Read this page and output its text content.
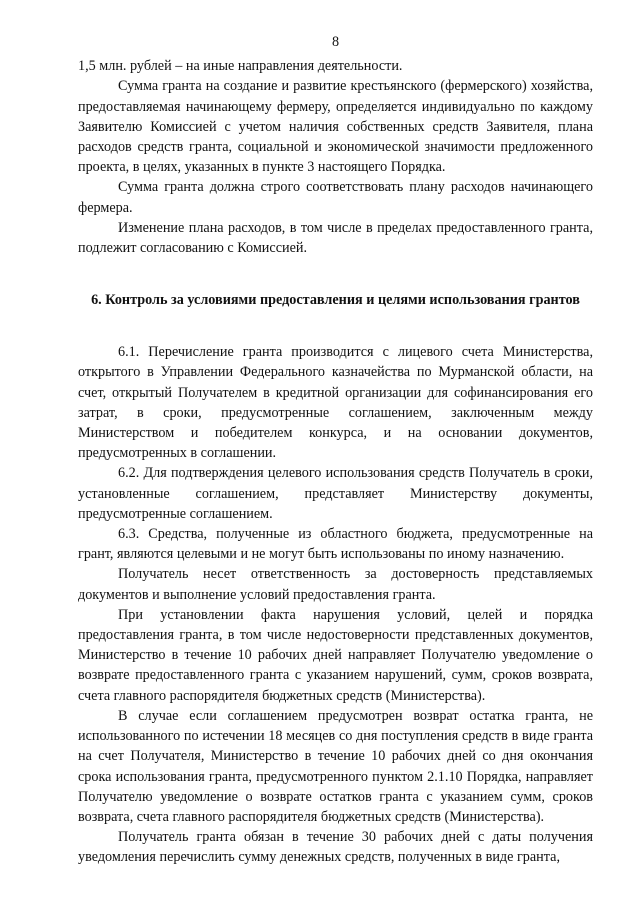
8

1,5 млн. рублей – на иные направления деятельности.

Сумма гранта на создание и развитие крестьянского (фермерского) хозяйства, предоставляемая начинающему фермеру, определяется индивидуально по каждому Заявителю Комиссией с учетом наличия собственных средств Заявителя, плана расходов средств гранта, социальной и экономической значимости предложенного проекта, в целях, указанных в пункте 3 настоящего Порядка.

Сумма гранта должна строго соответствовать плану расходов начинающего фермера.

Изменение плана расходов, в том числе в пределах предоставленного гранта, подлежит согласованию с Комиссией.

6. Контроль за условиями предоставления и целями использования грантов

6.1. Перечисление гранта производится с лицевого счета Министерства, открытого в Управлении Федерального казначейства по Мурманской области, на счет, открытый Получателем в кредитной организации для софинансирования его затрат, в сроки, предусмотренные соглашением, заключенным между Министерством и победителем конкурса, и на основании документов, предусмотренных в соглашении.

6.2. Для подтверждения целевого использования средств Получатель в сроки, установленные соглашением, представляет Министерству документы, предусмотренные соглашением.

6.3. Средства, полученные из областного бюджета, предусмотренные на грант, являются целевыми и не могут быть использованы по иному назначению.

Получатель несет ответственность за достоверность представляемых документов и выполнение условий предоставления гранта.

При установлении факта нарушения условий, целей и порядка предоставления гранта, в том числе недостоверности представленных документов, Министерство в течение 10 рабочих дней направляет Получателю уведомление о возврате предоставленного гранта с указанием нарушений, сумм, сроков возврата, счета главного распорядителя бюджетных средств (Министерства).

В случае если соглашением предусмотрен возврат остатка гранта, не использованного по истечении 18 месяцев со дня поступления средств в виде гранта на счет Получателя, Министерство в течение 10 рабочих дней со дня окончания срока использования гранта, предусмотренного пунктом 2.1.10 Порядка, направляет Получателю уведомление о возврате остатков гранта с указанием сумм, сроков возврата, счета главного распорядителя бюджетных средств (Министерства).

Получатель гранта обязан в течение 30 рабочих дней с даты получения уведомления перечислить сумму денежных средств, полученных в виде гранта,
